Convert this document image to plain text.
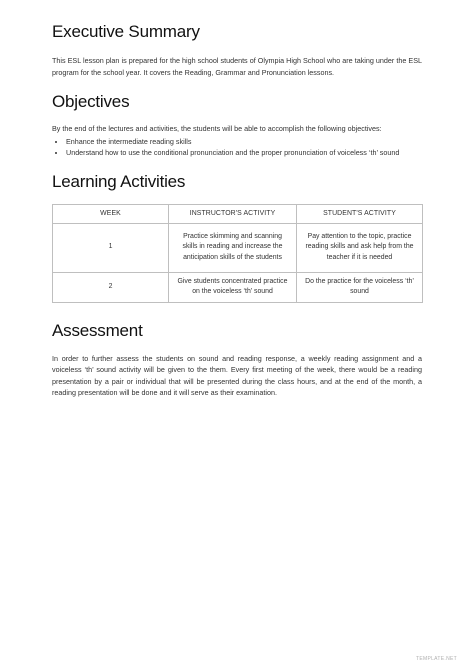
Executive Summary

This ESL lesson plan is prepared for the high school students of Olympia High School who are taking under the ESL program for the school year. It covers the Reading, Grammar and Pronunciation lessons.

Objectives

By the end of the lectures and activities, the students will be able to accomplish the following objectives:

• Enhance the intermediate reading skills
• Understand how to use the conditional pronunciation and the proper pronunciation of voiceless ‘th’ sound
Learning Activities
WEEK	INSTRUCTOR'S ACTIVITY	STUDENT'S ACTIVITY
1	Practice skimming and scanning skills in reading and increase the anticipation skills of the students	Pay attention to the topic, practice reading skills and ask help from the teacher if it is needed
2	Give students concentrated practice on the voiceless ‘th’ sound	Do the practice for the voiceless ‘th’ sound
Assessment

In order to further assess the students on sound and reading response, a weekly reading assignment and a voiceless ‘th’ sound activity will be given to the them. Every first meeting of the week, there would be a reading presentation by a pair or individual that will be presented during the class hours, and at the end of the month, a reading presentation will be done and it will serve as their examination.

TEMPLATE.NET
